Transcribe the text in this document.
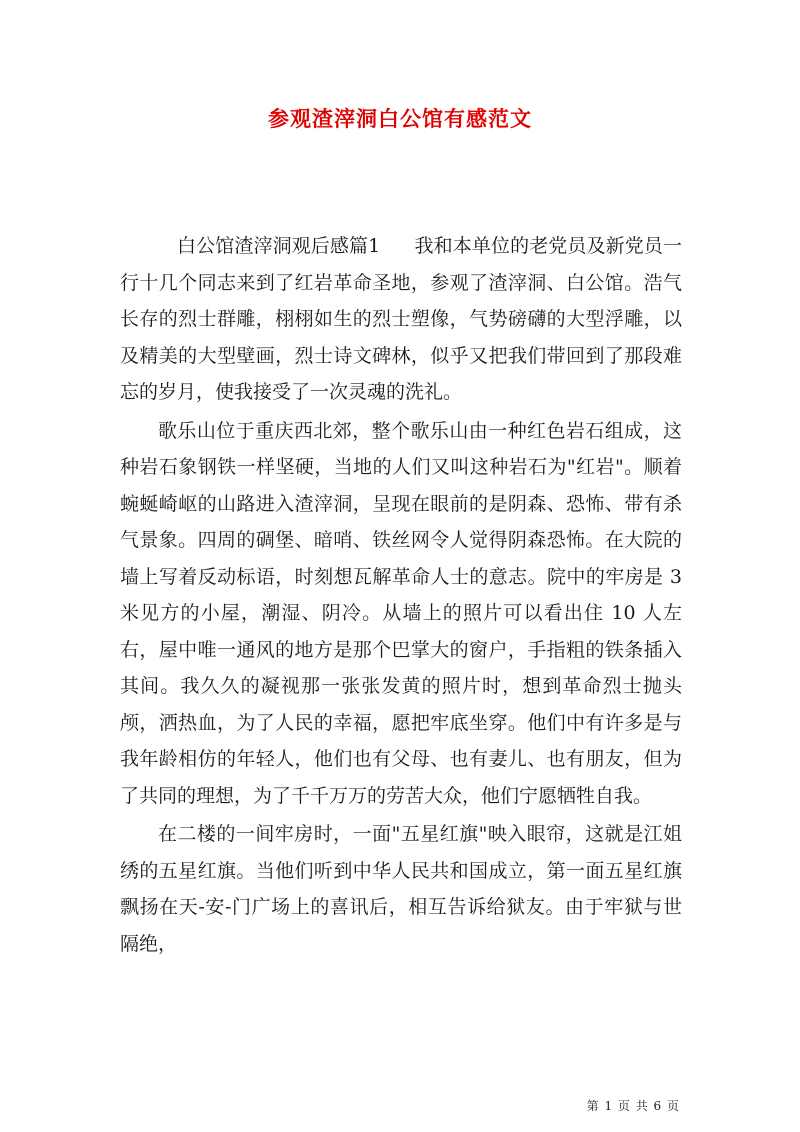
参观渣滓洞白公馆有感范文

白公馆渣滓洞观后感篇1 我和本单位的老党员及新党员一行十几个同志来到了红岩革命圣地，参观了渣滓洞、白公馆。浩气长存的烈士群雕，栩栩如生的烈士塑像，气势磅礴的大型浮雕，以及精美的大型壁画，烈士诗文碑林，似乎又把我们带回到了那段难忘的岁月，使我接受了一次灵魂的洗礼。

歌乐山位于重庆西北郊，整个歌乐山由一种红色岩石组成，这种岩石象钢铁一样坚硬，当地的人们又叫这种岩石为"红岩"。顺着蜿蜒崎岖的山路进入渣滓洞，呈现在眼前的是阴森、恐怖、带有杀气景象。四周的碉堡、暗哨、铁丝网令人觉得阴森恐怖。在大院的墙上写着反动标语，时刻想瓦解革命人士的意志。院中的牢房是 3 米见方的小屋，潮湿、阴冷。从墙上的照片可以看出住 10 人左右，屋中唯一通风的地方是那个巴掌大的窗户，手指粗的铁条插入其间。我久久的凝视那一张张发黄的照片时，想到革命烈士抛头颅，洒热血，为了人民的幸福，愿把牢底坐穿。他们中有许多是与我年龄相仿的年轻人，他们也有父母、也有妻儿、也有朋友，但为了共同的理想，为了千千万万的劳苦大众，他们宁愿牺牲自我。

在二楼的一间牢房时，一面"五星红旗"映入眼帘，这就是江姐绣的五星红旗。当他们听到中华人民共和国成立，第一面五星红旗飘扬在天-安-门广场上的喜讯后，相互告诉给狱友。由于牢狱与世隔绝，

第 1 页 共 6 页
